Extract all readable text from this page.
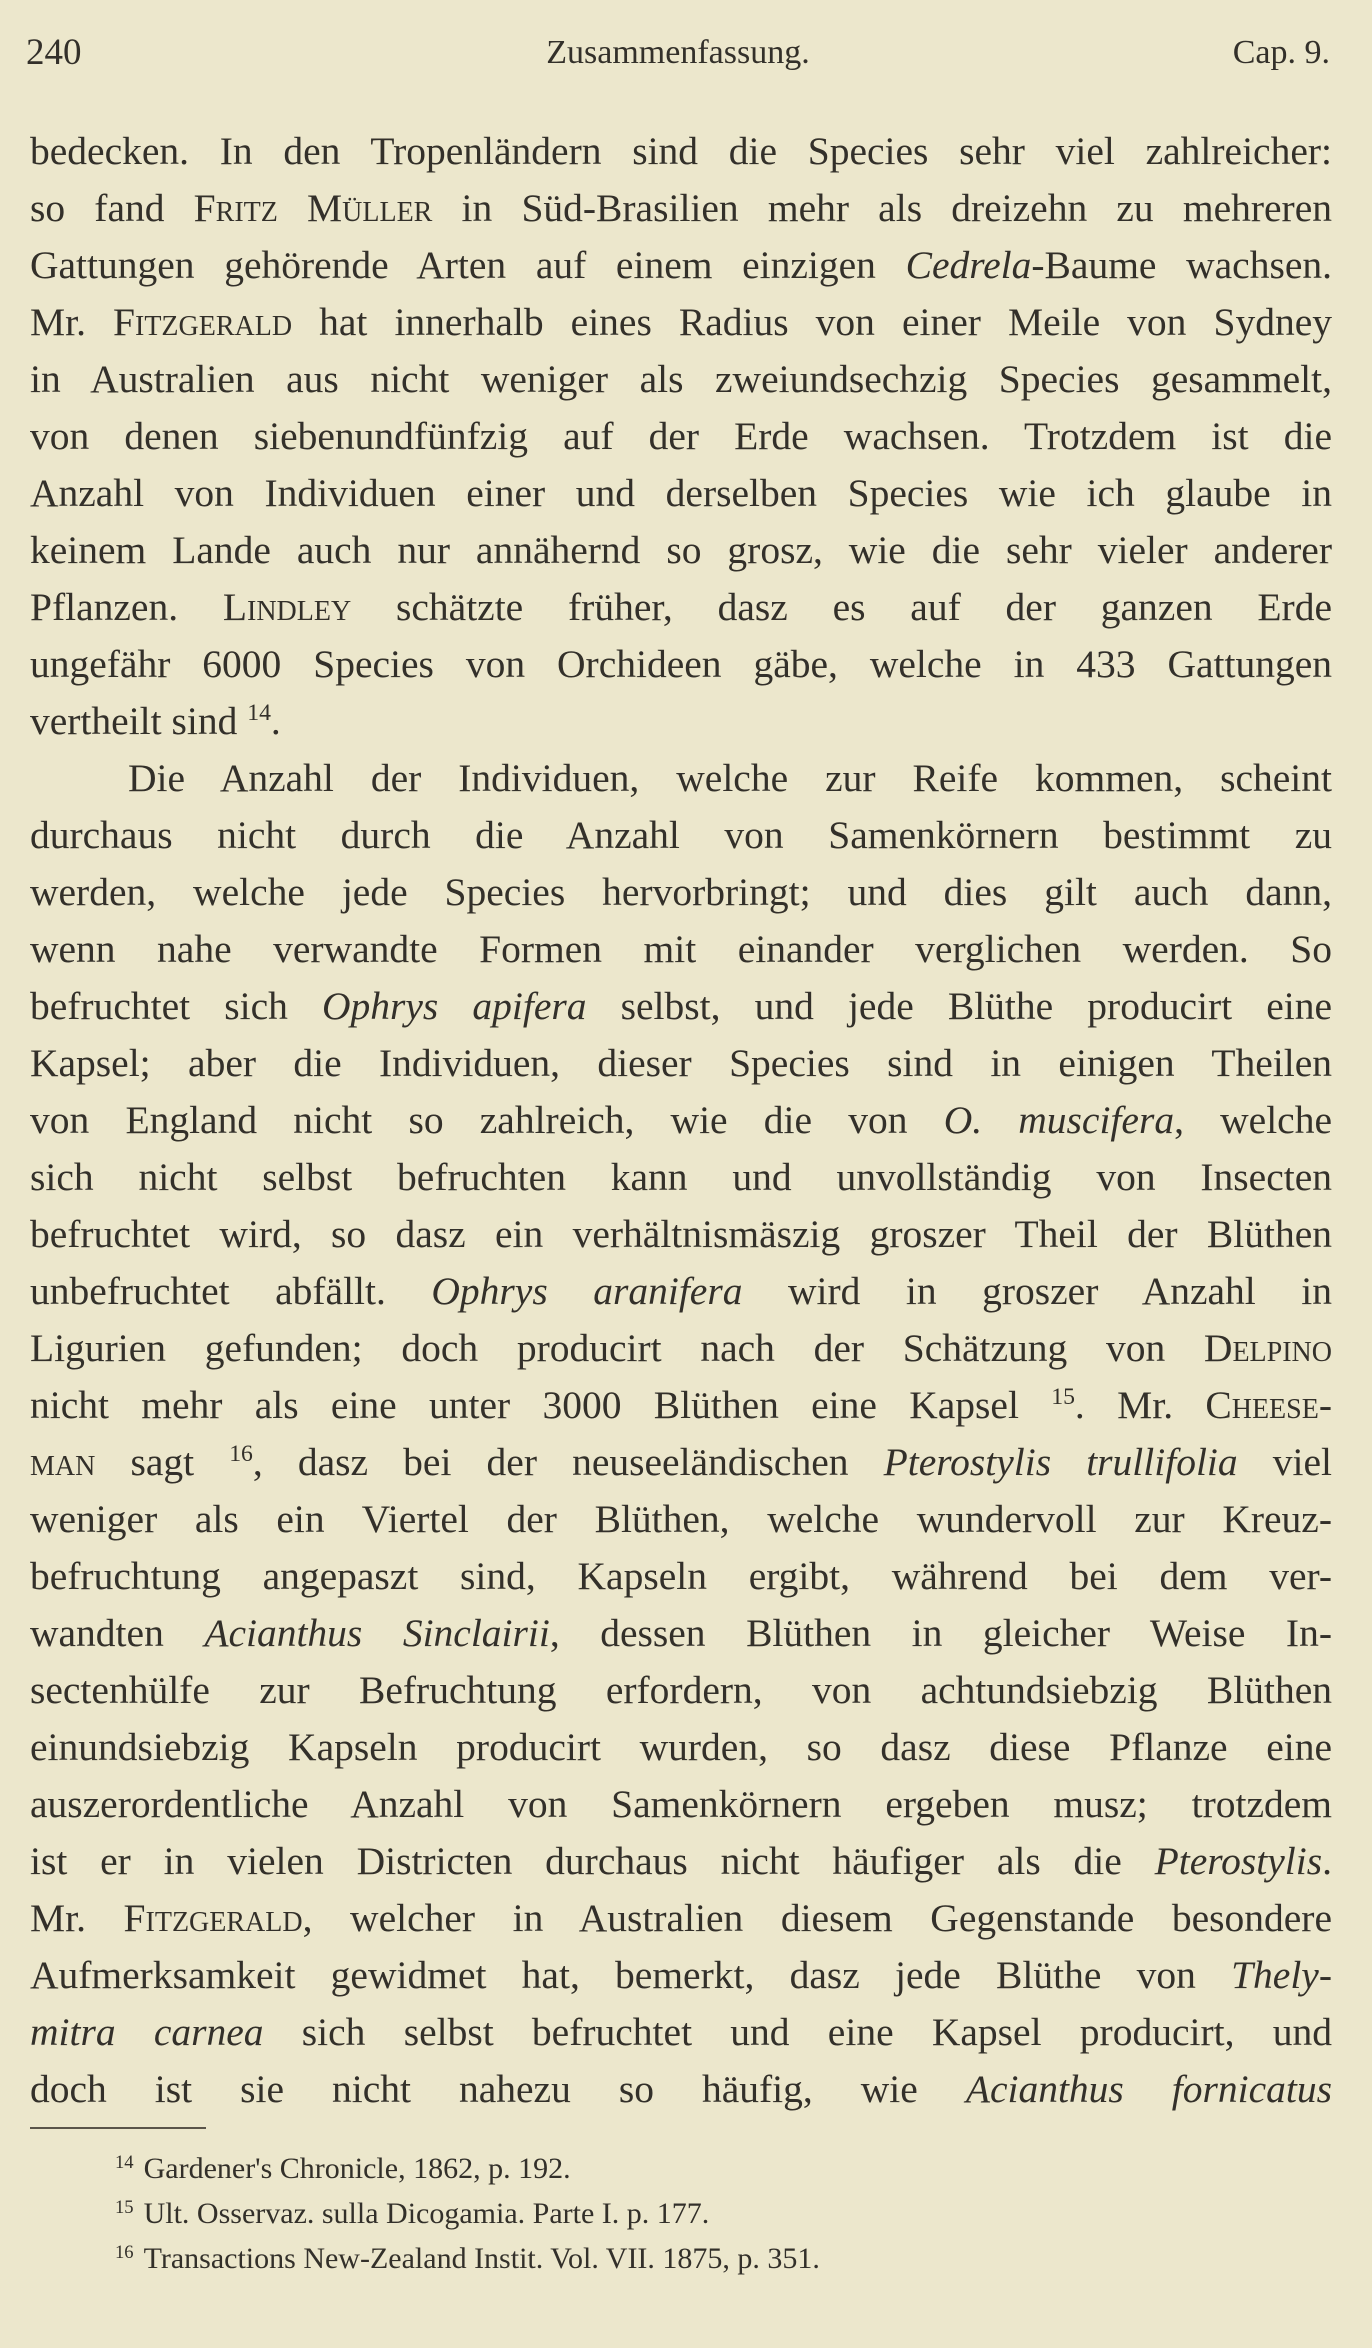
240	Zusammenfassung.	Cap. 9.
bedecken. In den Tropenländern sind die Species sehr viel zahlreicher:
so fand Fritz Müller in Süd-Brasilien mehr als dreizehn zu mehreren
Gattungen gehörende Arten auf einem einzigen Cedrela-Baume wachsen.
Mr. Fitzgerald hat innerhalb eines Radius von einer Meile von Sydney
in Australien aus nicht weniger als zweiundsechzig Species gesammelt,
von denen siebenundfünfzig auf der Erde wachsen. Trotzdem ist die
Anzahl von Individuen einer und derselben Species wie ich glaube in
keinem Lande auch nur annähernd so grosz, wie die sehr vieler anderer
Pflanzen. Lindley schätzte früher, dasz es auf der ganzen Erde
ungefähr 6000 Species von Orchideen gäbe, welche in 433 Gattungen
vertheilt sind $^{14}$.
Die Anzahl der Individuen, welche zur Reife kommen, scheint
durchaus nicht durch die Anzahl von Samenkörnern bestimmt zu
werden, welche jede Species hervorbringt; und dies gilt auch dann,
wenn nahe verwandte Formen mit einander verglichen werden. So
befruchtet sich Ophrys apifera selbst, und jede Blüthe producirt eine
Kapsel; aber die Individuen, dieser Species sind in einigen Theilen
von England nicht so zahlreich, wie die von O. muscifera, welche
sich nicht selbst befruchten kann und unvollständig von Insecten
befruchtet wird, so dasz ein verhältnismäszig groszer Theil der Blüthen
unbefruchtet abfällt. Ophrys aranifera wird in groszer Anzahl in
Ligurien gefunden; doch producirt nach der Schätzung von Delpino
nicht mehr als eine unter 3000 Blüthen eine Kapsel $^{15}$. Mr. Cheese-
man sagt $^{16}$, dasz bei der neuseeländischen Pterostylis trullifolia viel
weniger als ein Viertel der Blüthen, welche wundervoll zur Kreuz-
befruchtung angepaszt sind, Kapseln ergibt, während bei dem ver-
wandten Acianthus Sinclairii, dessen Blüthen in gleicher Weise In-
sectenhülfe zur Befruchtung erfordern, von achtundsiebzig Blüthen
einundsiebzig Kapseln producirt wurden, so dasz diese Pflanze eine
auszerordentliche Anzahl von Samenkörnern ergeben musz; trotzdem
ist er in vielen Districten durchaus nicht häufiger als die Pterostylis.
Mr. Fitzgerald, welcher in Australien diesem Gegenstande besondere
Aufmerksamkeit gewidmet hat, bemerkt, dasz jede Blüthe von Thely-
mitra carnea sich selbst befruchtet und eine Kapsel producirt, und
doch ist sie nicht nahezu so häufig, wie Acianthus fornicatus
$^{14}$ Gardener's Chronicle, 1862, p. 192.
$^{15}$ Ult. Osservaz. sulla Dicogamia. Parte I. p. 177.
$^{16}$ Transactions New-Zealand Instit. Vol. VII. 1875, p. 351.
